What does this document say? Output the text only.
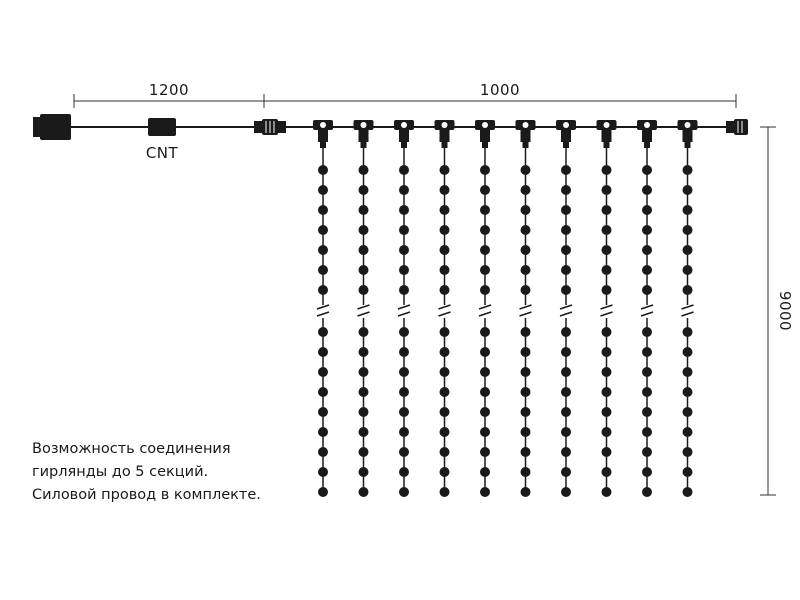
1200	1000
9000
CNT
Возможность соединения
гирлянды до 5 секций.
Силовой провод в комплекте.
